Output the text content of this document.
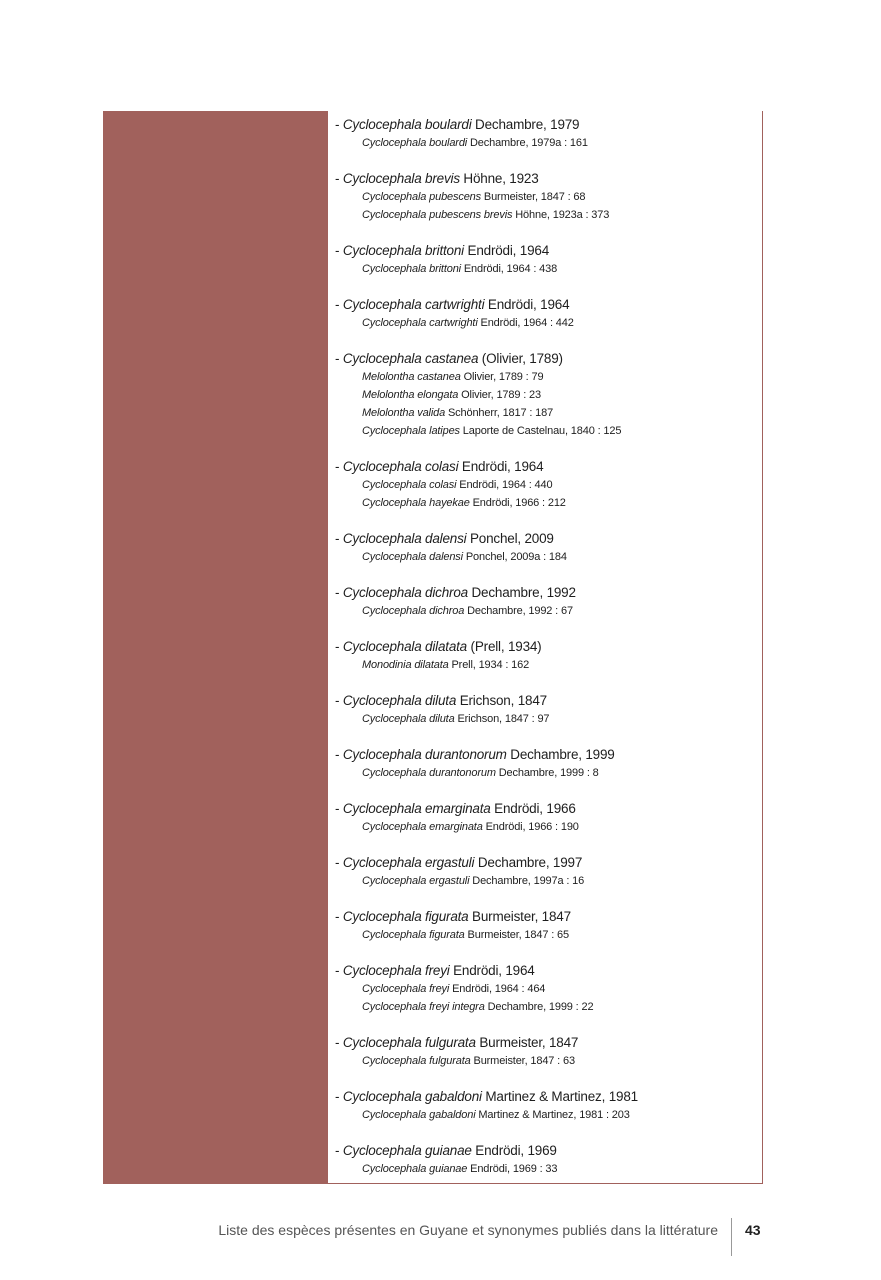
- Cyclocephala boulardi Dechambre, 1979
Cyclocephala boulardi Dechambre, 1979a : 161
- Cyclocephala brevis Höhne, 1923
Cyclocephala pubescens Burmeister, 1847 : 68
Cyclocephala pubescens brevis Höhne, 1923a : 373
- Cyclocephala brittoni Endrödi, 1964
Cyclocephala brittoni Endrödi, 1964 : 438
- Cyclocephala cartwrighti Endrödi, 1964
Cyclocephala cartwrighti Endrödi, 1964 : 442
- Cyclocephala castanea (Olivier, 1789)
Melolontha castanea Olivier, 1789 : 79
Melolontha elongata Olivier, 1789 : 23
Melolontha valida Schönherr, 1817 : 187
Cyclocephala latipes Laporte de Castelnau, 1840 : 125
- Cyclocephala colasi Endrödi, 1964
Cyclocephala colasi Endrödi, 1964 : 440
Cyclocephala hayekae Endrödi, 1966 : 212
- Cyclocephala dalensi Ponchel, 2009
Cyclocephala dalensi Ponchel, 2009a : 184
- Cyclocephala dichroa Dechambre, 1992
Cyclocephala dichroa Dechambre, 1992 : 67
- Cyclocephala dilatata (Prell, 1934)
Monodinia dilatata Prell, 1934 : 162
- Cyclocephala diluta Erichson, 1847
Cyclocephala diluta Erichson, 1847 : 97
- Cyclocephala durantonorum Dechambre, 1999
Cyclocephala durantonorum Dechambre, 1999 : 8
- Cyclocephala emarginata Endrödi, 1966
Cyclocephala emarginata Endrödi, 1966 : 190
- Cyclocephala ergastuli Dechambre, 1997
Cyclocephala ergastuli Dechambre, 1997a : 16
- Cyclocephala figurata Burmeister, 1847
Cyclocephala figurata Burmeister, 1847 : 65
- Cyclocephala freyi Endrödi, 1964
Cyclocephala freyi Endrödi, 1964 : 464
Cyclocephala freyi integra Dechambre, 1999 : 22
- Cyclocephala fulgurata Burmeister, 1847
Cyclocephala fulgurata Burmeister, 1847 : 63
- Cyclocephala gabaldoni Martinez & Martinez, 1981
Cyclocephala gabaldoni Martinez & Martinez, 1981 : 203
- Cyclocephala guianae Endrödi, 1969
Cyclocephala guianae Endrödi, 1969 : 33
Liste des espèces présentes en Guyane et synonymes publiés dans la littérature 43
